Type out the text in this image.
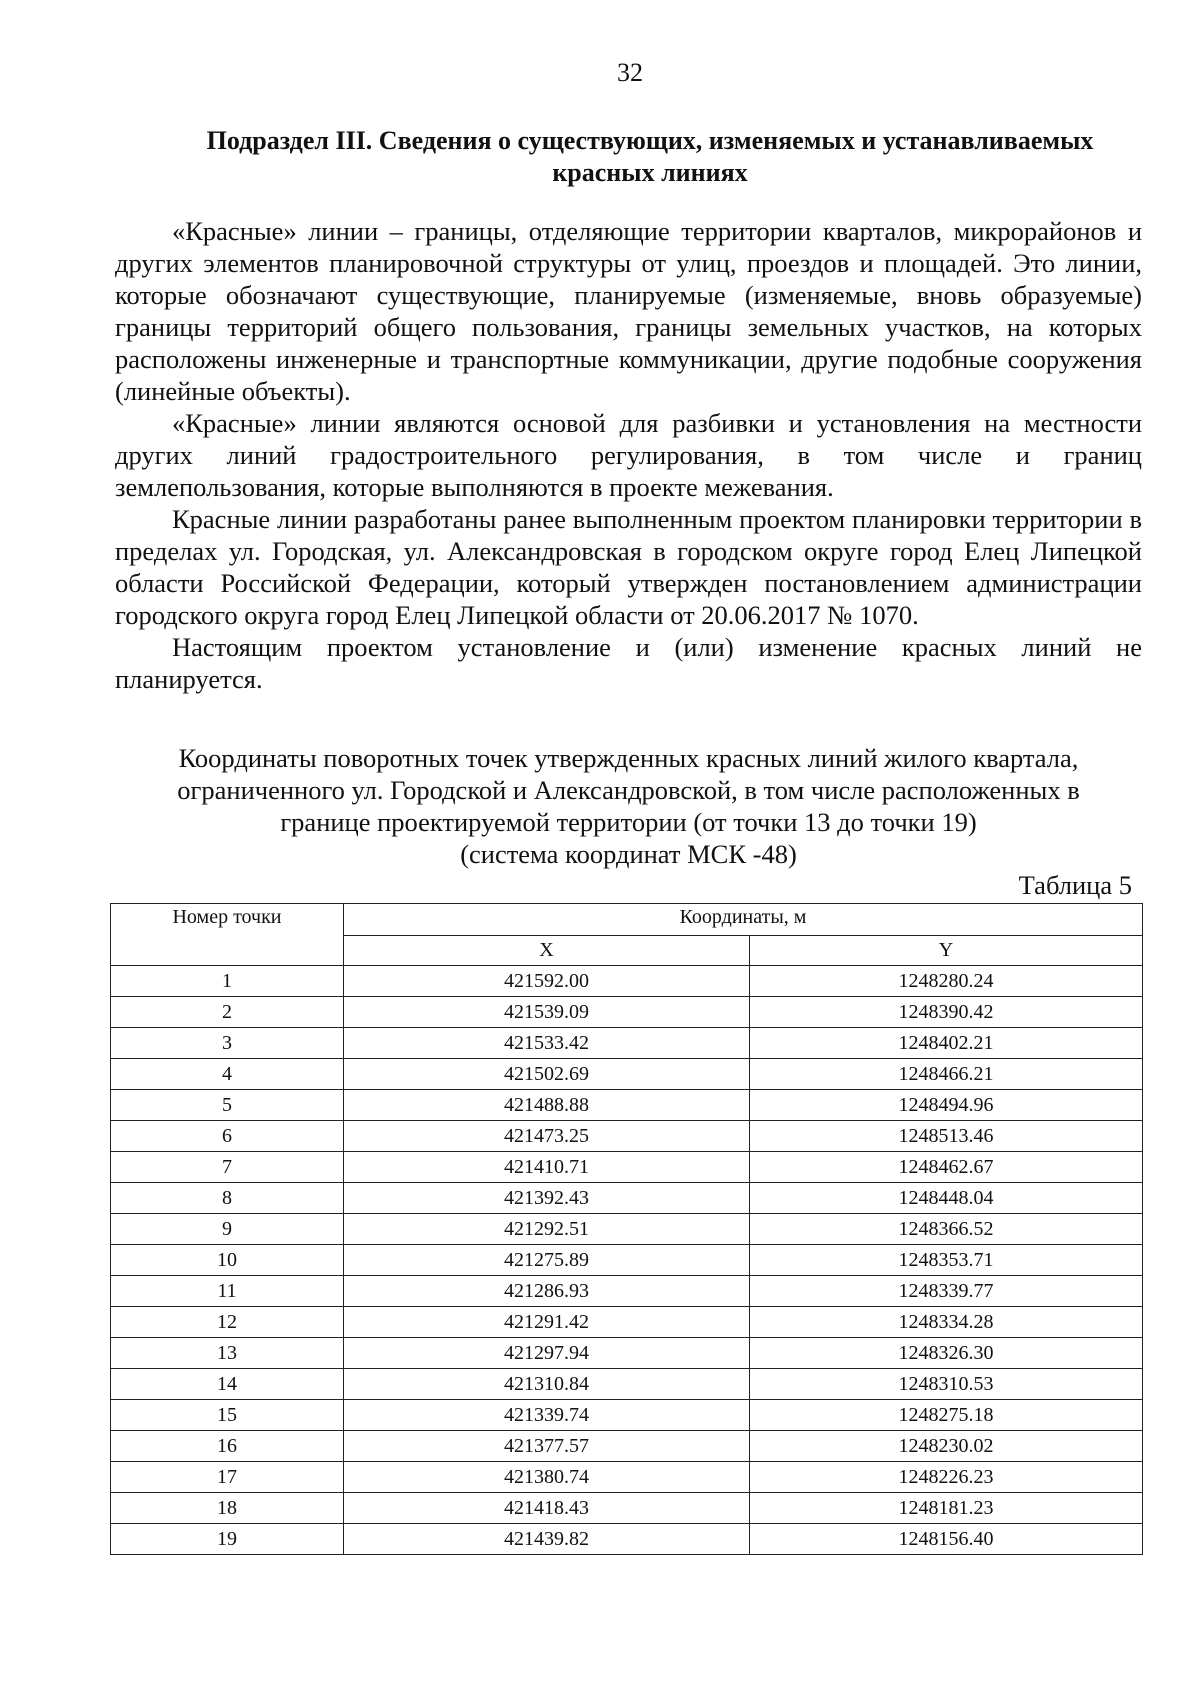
32
Подраздел III. Сведения о существующих, изменяемых и устанавливаемых
красных линиях

«Красные» линии – границы, отделяющие территории кварталов, микрорайонов и других элементов планировочной структуры от улиц, проездов и площадей. Это линии, которые обозначают существующие, планируемые (изменяемые, вновь образуемые) границы территорий общего пользования, границы земельных участков, на которых расположены инженерные и транспортные коммуникации, другие подобные сооружения (линейные объекты).

«Красные» линии являются основой для разбивки и установления на местности других линий градостроительного регулирования, в том числе и границ землепользования, которые выполняются в проекте межевания.

Красные линии разработаны ранее выполненным проектом планировки территории в пределах ул. Городская, ул. Александровская в городском округе город Елец Липецкой области Российской Федерации, который утвержден постановлением администрации городского округа город Елец Липецкой области от 20.06.2017 № 1070.

Настоящим проектом установление и (или) изменение красных линий не планируется.

Координаты поворотных точек утвержденных красных линий жилого квартала,
ограниченного ул. Городской и Александровской, в том числе расположенных в
границе проектируемой территории (от точки 13 до точки 19)
(система координат МСК -48)
Таблица 5
Номер точки	Координаты, м	
	X	Y
1	421592.00	1248280.24
2	421539.09	1248390.42
3	421533.42	1248402.21
4	421502.69	1248466.21
5	421488.88	1248494.96
6	421473.25	1248513.46
7	421410.71	1248462.67
8	421392.43	1248448.04
9	421292.51	1248366.52
10	421275.89	1248353.71
11	421286.93	1248339.77
12	421291.42	1248334.28
13	421297.94	1248326.30
14	421310.84	1248310.53
15	421339.74	1248275.18
16	421377.57	1248230.02
17	421380.74	1248226.23
18	421418.43	1248181.23
19	421439.82	1248156.40
